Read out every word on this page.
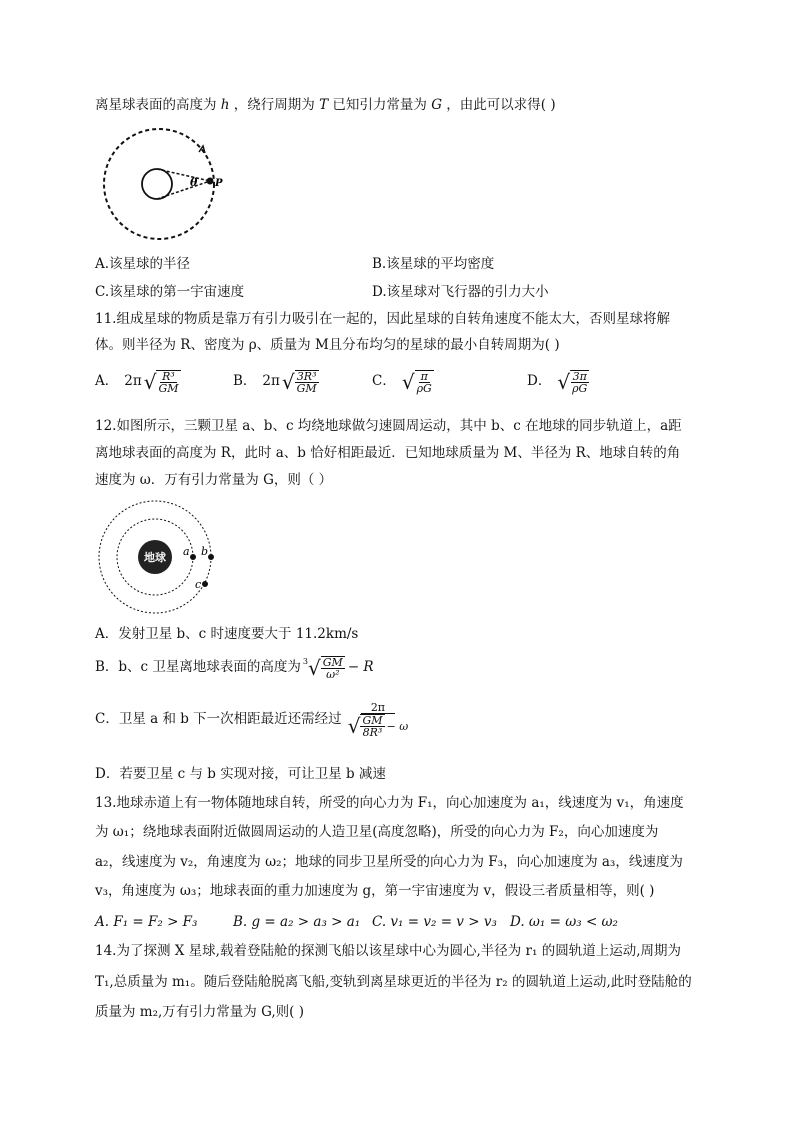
离星球表面的高度为 h ，绕行周期为 T 已知引力常量为 G ，由此可以求得( )
θ P
A.该星球的半径	B.该星球的平均密度
C.该星球的第一宇宙速度	D.该星球对飞行器的引力大小
11.组成星球的物质是靠万有引力吸引在一起的，因此星球的自转角速度不能太大，否则星球将解
体。则半径为 R、密度为 ρ、质量为 M且分布均匀的星球的最小自转周期为( )
A． 2π √ $\frac{\text{R³}}{GM}$	B． 2π √ $\frac{\text{3R³}}{GM}$	C． √ $\frac{\pi}{\rho G}$	D． √ $\frac{3\pi}{\rho G}$
12.如图所示，三颗卫星 a、b、c 均绕地球做匀速圆周运动，其中 b、c 在地球的同步轨道上，a距
离地球表面的高度为 R，此时 a、b 恰好相距最近．已知地球质量为 M、半径为 R、地球自转的角
速度为 ω．万有引力常量为 G，则（ ）
地球 a b
c
A．发射卫星 b、c 时速度要大于 11.2km/s
B．b、c 卫星离地球表面的高度为 3 √ $\frac{GM}{\text{ω²}} - R$
C．卫星 a 和 b 下一次相距最近还需经过
2π
√ $\frac{GM}{\text{8R³}} - \omega$
D．若要卫星 c 与 b 实现对接，可让卫星 b 减速
13.地球赤道上有一物体随地球自转，所受的向心力为 F₁，向心加速度为 a₁，线速度为 v₁，角速度
为 ω₁；绕地球表面附近做圆周运动的人造卫星(高度忽略)，所受的向心力为 F₂，向心加速度为
a₂，线速度为 v₂，角速度为 ω₂；地球的同步卫星所受的向心力为 F₃，向心加速度为 a₃，线速度为
v₃，角速度为 ω₃；地球表面的重力加速度为 g，第一宇宙速度为 v，假设三者质量相等，则( )
A. F₁ = F₂ > F₃	B. g = a₂ > a₃ > a₁ C. v₁ = v₂ = v > v₃ D. ω₁ = ω₃ < ω₂
14.为了探测 X 星球,载着登陆舱的探测飞船以该星球中心为圆心,半径为 r₁ 的圆轨道上运动,周期为
T₁,总质量为 m₁。随后登陆舱脱离飞船,变轨到离星球更近的半径为 r₂ 的圆轨道上运动,此时登陆舱的
质量为 m₂,万有引力常量为 G,则( )
